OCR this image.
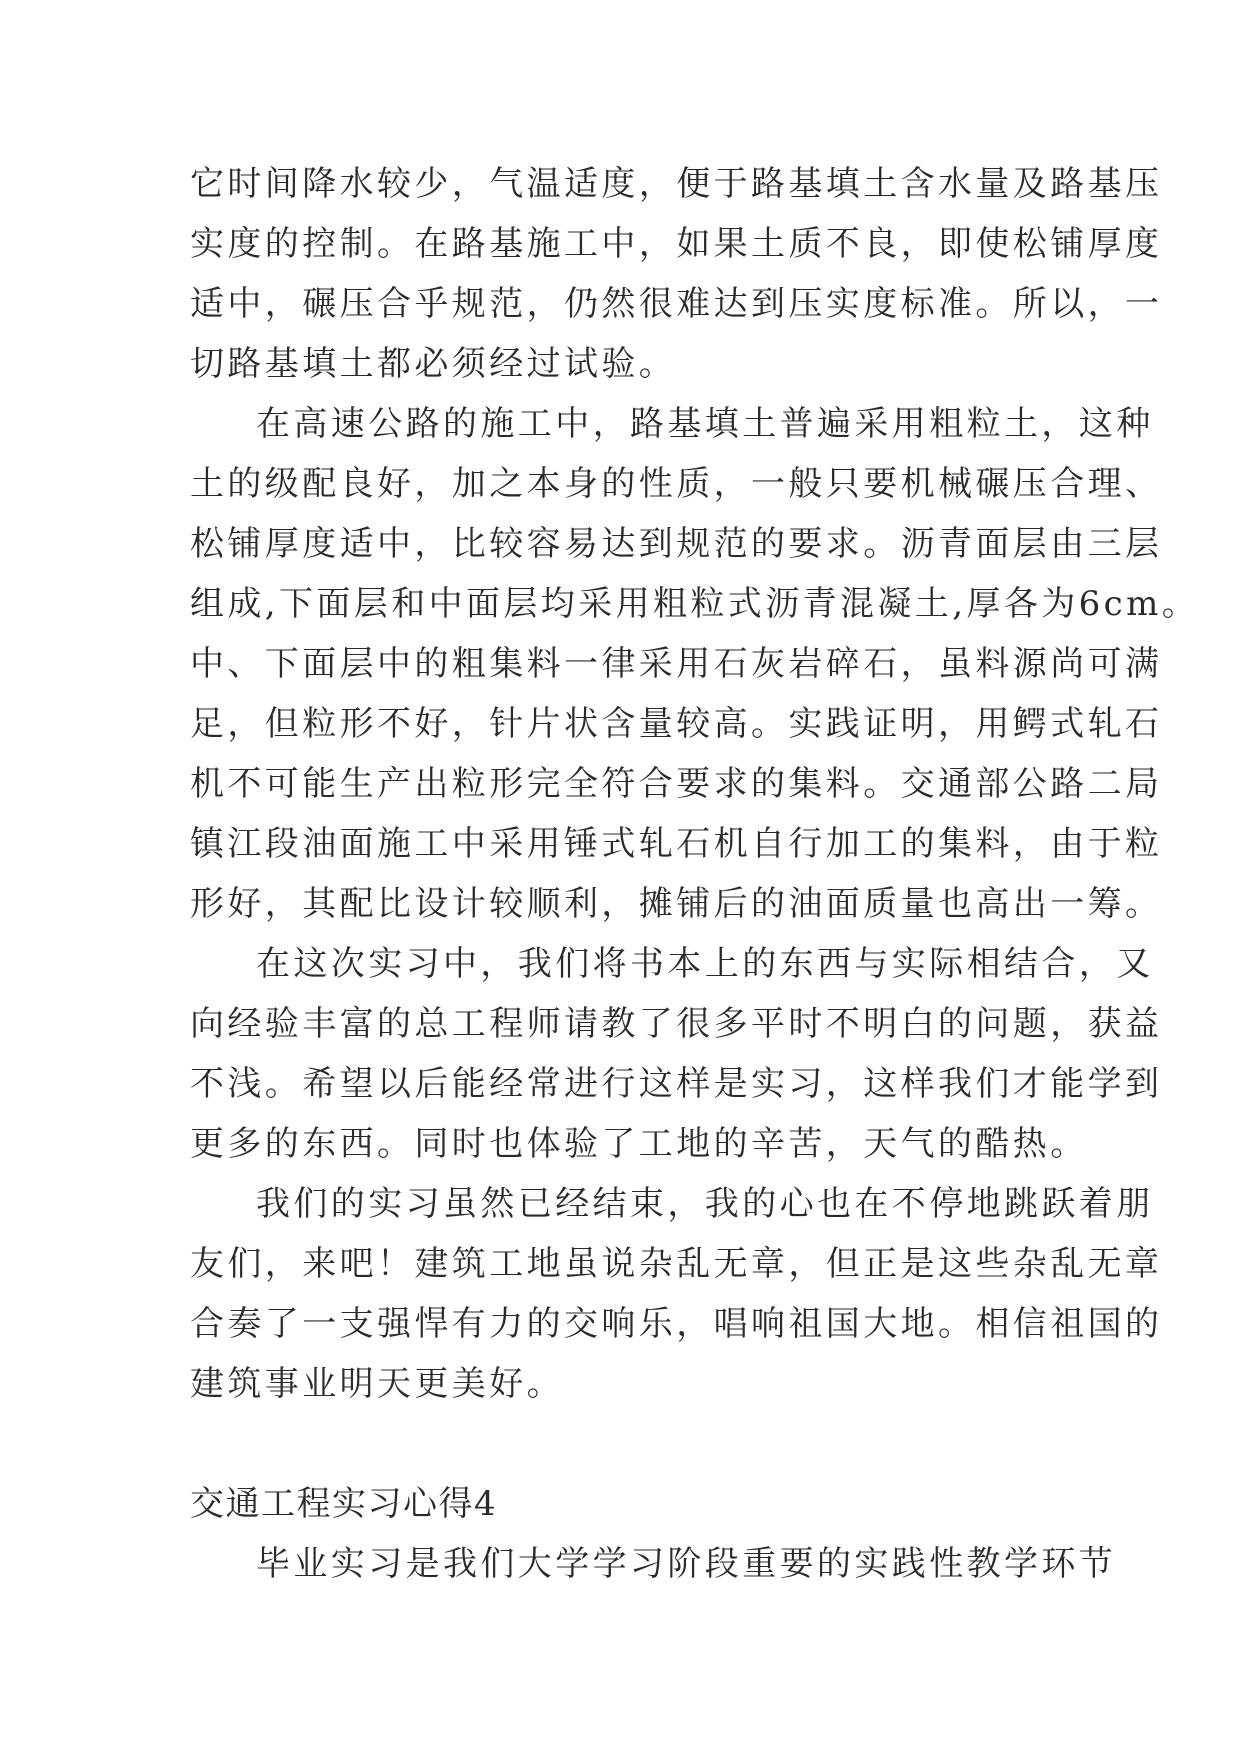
它时间降水较少，气温适度，便于路基填土含水量及路基压
实度的控制。在路基施工中，如果土质不良，即使松铺厚度
适中，碾压合乎规范，仍然很难达到压实度标准。所以，一
切路基填土都必须经过试验。
在高速公路的施工中，路基填土普遍采用粗粒土，这种
土的级配良好，加之本身的性质，一般只要机械碾压合理、
松铺厚度适中，比较容易达到规范的要求。沥青面层由三层
组成,下面层和中面层均采用粗粒式沥青混凝土,厚各为6cm。
中、下面层中的粗集料一律采用石灰岩碎石，虽料源尚可满
足，但粒形不好，针片状含量较高。实践证明，用鳄式轧石
机不可能生产出粒形完全符合要求的集料。交通部公路二局
镇江段油面施工中采用锤式轧石机自行加工的集料，由于粒
形好，其配比设计较顺利，摊铺后的油面质量也高出一筹。
在这次实习中，我们将书本上的东西与实际相结合，又
向经验丰富的总工程师请教了很多平时不明白的问题，获益
不浅。希望以后能经常进行这样是实习，这样我们才能学到
更多的东西。同时也体验了工地的辛苦，天气的酷热。
我们的实习虽然已经结束，我的心也在不停地跳跃着朋
友们，来吧！建筑工地虽说杂乱无章，但正是这些杂乱无章
合奏了一支强悍有力的交响乐，唱响祖国大地。相信祖国的
建筑事业明天更美好。
交通工程实习心得4
毕业实习是我们大学学习阶段重要的实践性教学环节
